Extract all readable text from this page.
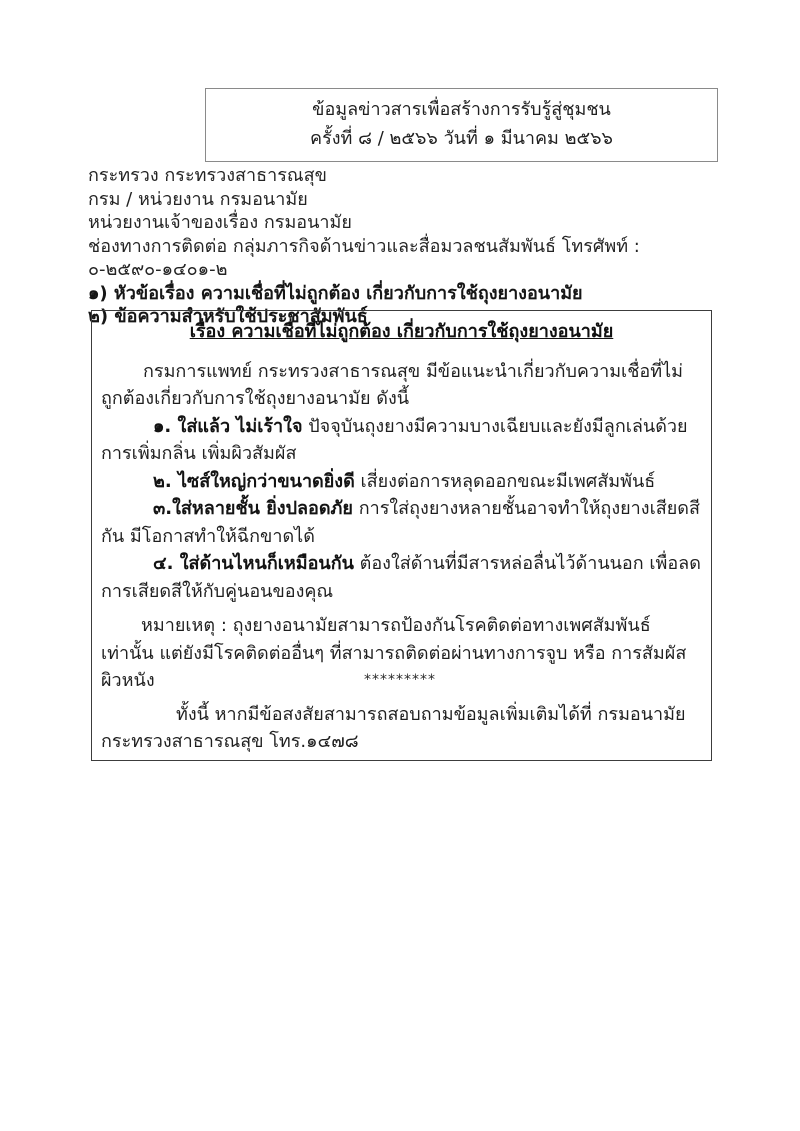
ข้อมูลข่าวสารเพื่อสร้างการรับรู้สู่ชุมชน
ครั้งที่ ๘ / ๒๕๖๖ วันที่ ๑ มีนาคม ๒๕๖๖
กระทรวง กระทรวงสาธารณสุข
กรม / หน่วยงาน กรมอนามัย
หน่วยงานเจ้าของเรื่อง กรมอนามัย
ช่องทางการติดต่อ กลุ่มภารกิจด้านข่าวและสื่อมวลชนสัมพันธ์ โทรศัพท์ : ๐-๒๕๙๐-๑๔๐๑-๒
๑) หัวข้อเรื่อง ความเชื่อที่ไม่ถูกต้อง เกี่ยวกับการใช้ถุงยางอนามัย
๒) ข้อความสำหรับใช้ประชาสัมพันธ์

เรื่อง ความเชื่อที่ไม่ถูกต้อง เกี่ยวกับการใช้ถุงยางอนามัย

กรมการแพทย์ กระทรวงสาธารณสุข มีข้อแนะนำเกี่ยวกับความเชื่อที่ไม่ถูกต้องเกี่ยวกับการใช้ถุงยางอนามัย ดังนี้

๑. ใส่แล้ว ไม่เร้าใจ ปัจจุบันถุงยางมีความบางเฉียบและยังมีลูกเล่นด้วยการเพิ่มกลิ่น เพิ่มผิวสัมผัส

๒. ไซส์ใหญ่กว่าขนาดยิ่งดี เสี่ยงต่อการหลุดออกขณะมีเพศสัมพันธ์

๓.ใส่หลายชั้น ยิ่งปลอดภัย การใส่ถุงยางหลายชั้นอาจทำให้ถุงยางเสียดสีกัน มีโอกาสทำให้ฉีกขาดได้

๔. ใส่ด้านไหนก็เหมือนกัน ต้องใส่ด้านที่มีสารหล่อลื่นไว้ด้านนอก เพื่อลดการเสียดสีให้กับคู่นอนของคุณ

หมายเหตุ : ถุงยางอนามัยสามารถป้องกันโรคติดต่อทางเพศสัมพันธ์เท่านั้น แต่ยังมีโรคติดต่ออื่นๆ ที่สามารถติดต่อผ่านทางการจูบ หรือ การสัมผัสผิวหนัง

ทั้งนี้ หากมีข้อสงสัยสามารถสอบถามข้อมูลเพิ่มเติมได้ที่ กรมอนามัย กระทรวงสาธารณสุข โทร.๑๔๗๘

*********
